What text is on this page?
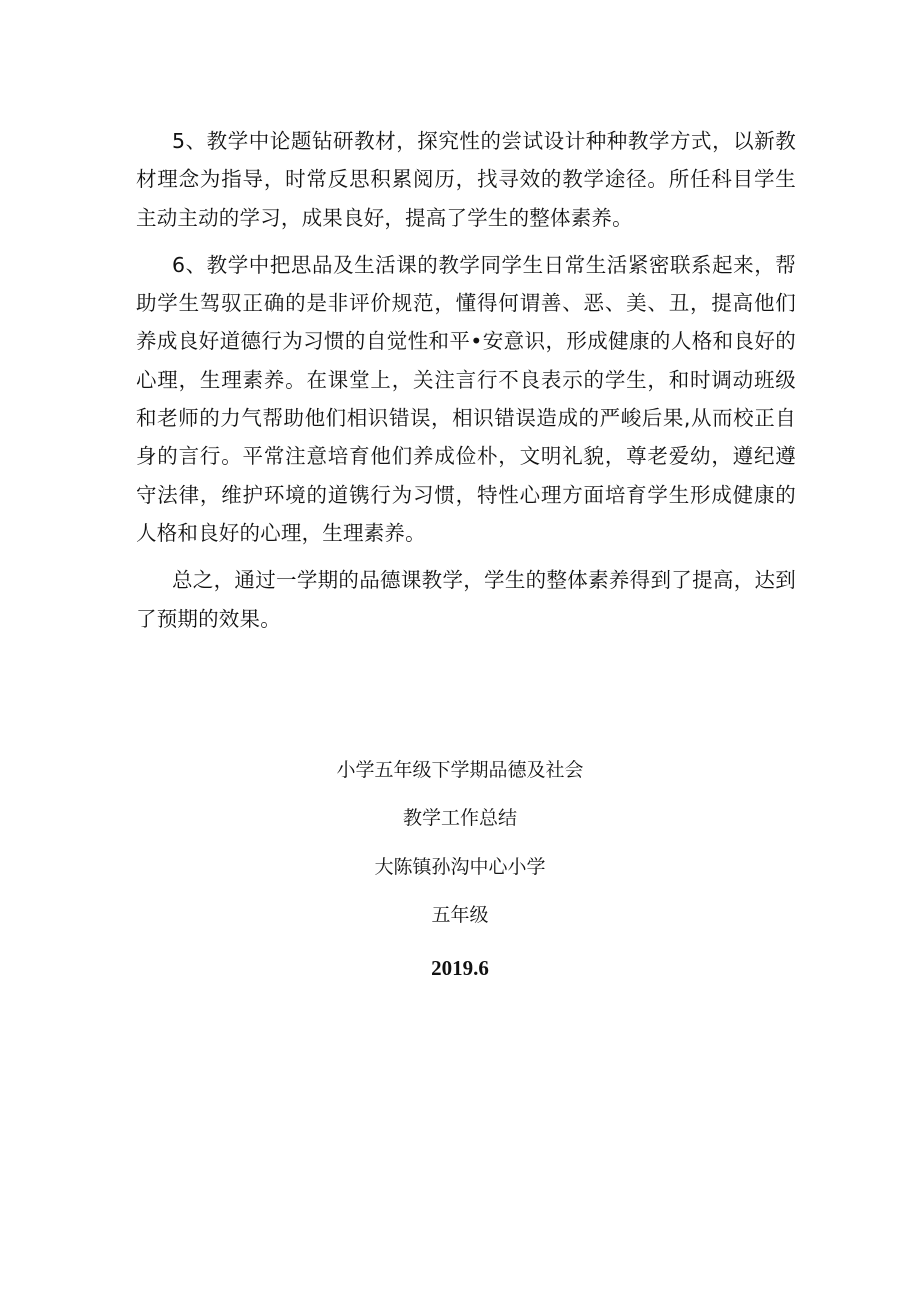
5、教学中论题钻研教材，探究性的尝试设计种种教学方式，以新教材理念为指导，时常反思积累阅历，找寻效的教学途径。所任科目学生主动主动的学习，成果良好，提高了学生的整体素养。

6、教学中把思品及生活课的教学同学生日常生活紧密联系起来，帮助学生驾驭正确的是非评价规范，懂得何谓善、恶、美、丑，提高他们养成良好道德行为习惯的自觉性和平•安意识，形成健康的人格和良好的心理，生理素养。在课堂上，关注言行不良表示的学生，和时调动班级和老师的力气帮助他们相识错误，相识错误造成的严峻后果,从而校正自身的言行。平常注意培育他们养成俭朴，文明礼貌，尊老爱幼，遵纪遵守法律，维护环境的道镌行为习惯，特性心理方面培育学生形成健康的人格和良好的心理，生理素养。

总之，通过一学期的品德课教学，学生的整体素养得到了提高，达到了预期的效果。

小学五年级下学期品德及社会
教学工作总结
大陈镇孙沟中心小学
五年级
2019.6
